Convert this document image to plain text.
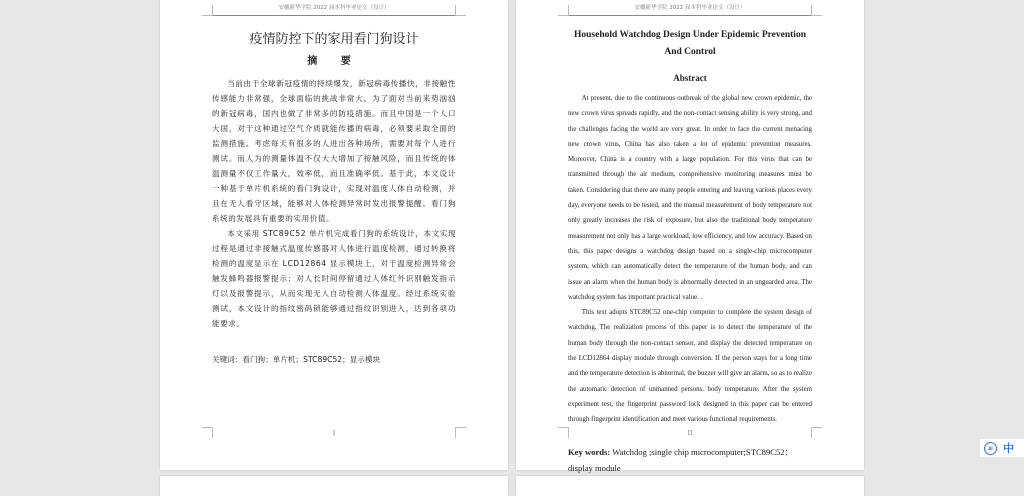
安徽新华学院 2022 届本科毕业论文（设计）
疫情防控下的家用看门狗设计
摘 要

当前由于全球新冠疫情的持续爆发，新冠病毒传播快，非接触性传感能力非常强，全球面临的挑战非常大。为了面对当前来势汹汹的新冠病毒，国内也做了非常多的防疫措施。而且中国是一个人口大国，对于这种通过空气介质就能传播的病毒，必须要采取全面的监测措施。考虑每天有很多的人进出各种场所，需要对每个人进行测试。而人为的测量体温不仅大大增加了接触风险，而且传统的体温测量不仅工作量大，效率低，而且准确率低。基于此，本文设计一种基于单片机系统的看门狗设计，实现对温度人体自动检测，并且在无人看守区域，能够对人体检测异常时发出报警提醒。看门狗系统的发展具有重要的实用价值。

本文采用 STC89C52 单片机完成看门狗的系统设计，本文实现过程是通过非接触式温度传感器对人体进行温度检测，通过转换将检测的温度显示在 LCD12864 显示模块上，对于温度检测异常会触发蜂鸣器报警提示；对人长时间停留通过人体红外识别触发指示灯以及报警提示，从而实现无人自动检测人体温度。经过系统实验测试，本文设计的指纹密码锁能够通过指纹识别进入，达到各项功能要求。

关键词：看门狗；单片机；STC89C52；显示模块
I
安徽新华学院 2022 届本科毕业论文（设计）
Household Watchdog Design Under Epidemic Prevention And Control
Abstract

At present, due to the continuous outbreak of the global new crown epidemic, the new crown virus spreads rapidly, and the non-contact sensing ability is very strong, and the challenges facing the world are very great. In order to face the current menacing new crown virus, China has also taken a lot of epidemic prevention measures. Moreover, China is a country with a large population. For this virus that can be transmitted through the air medium, comprehensive monitoring measures must be taken. Considering that there are many people entering and leaving various places every day, everyone needs to be tested, and the manual measurement of body temperature not only greatly increases the risk of exposure, but also the traditional body temperature measurement not only has a large workload, low efficiency, and low accuracy. Based on this, this paper designs a watchdog design based on a single-chip microcomputer system, which can automatically detect the temperature of the human body, and can issue an alarm when the human body is abnormally detected in an unguarded area. The watchdog system has important practical value. .

This text adopts STC89C52 one-chip computer to complete the system design of watchdog. The realization process of this paper is to detect the temperature of the human body through the non-contact sensor, and display the detected temperature on the LCD12864 display module through conversion. If the person stays for a long time and the temperature detection is abnormal, the buzzer will give an alarm, so as to realize the automatic detection of unmanned persons. body temperature. After the system experiment test, the fingerprint password lock designed in this paper can be entered through fingerprint identification and meet various functional requirements.

Key words: Watchdog ;single chip microcomputer;STC89C52；display module
II
AI 中
